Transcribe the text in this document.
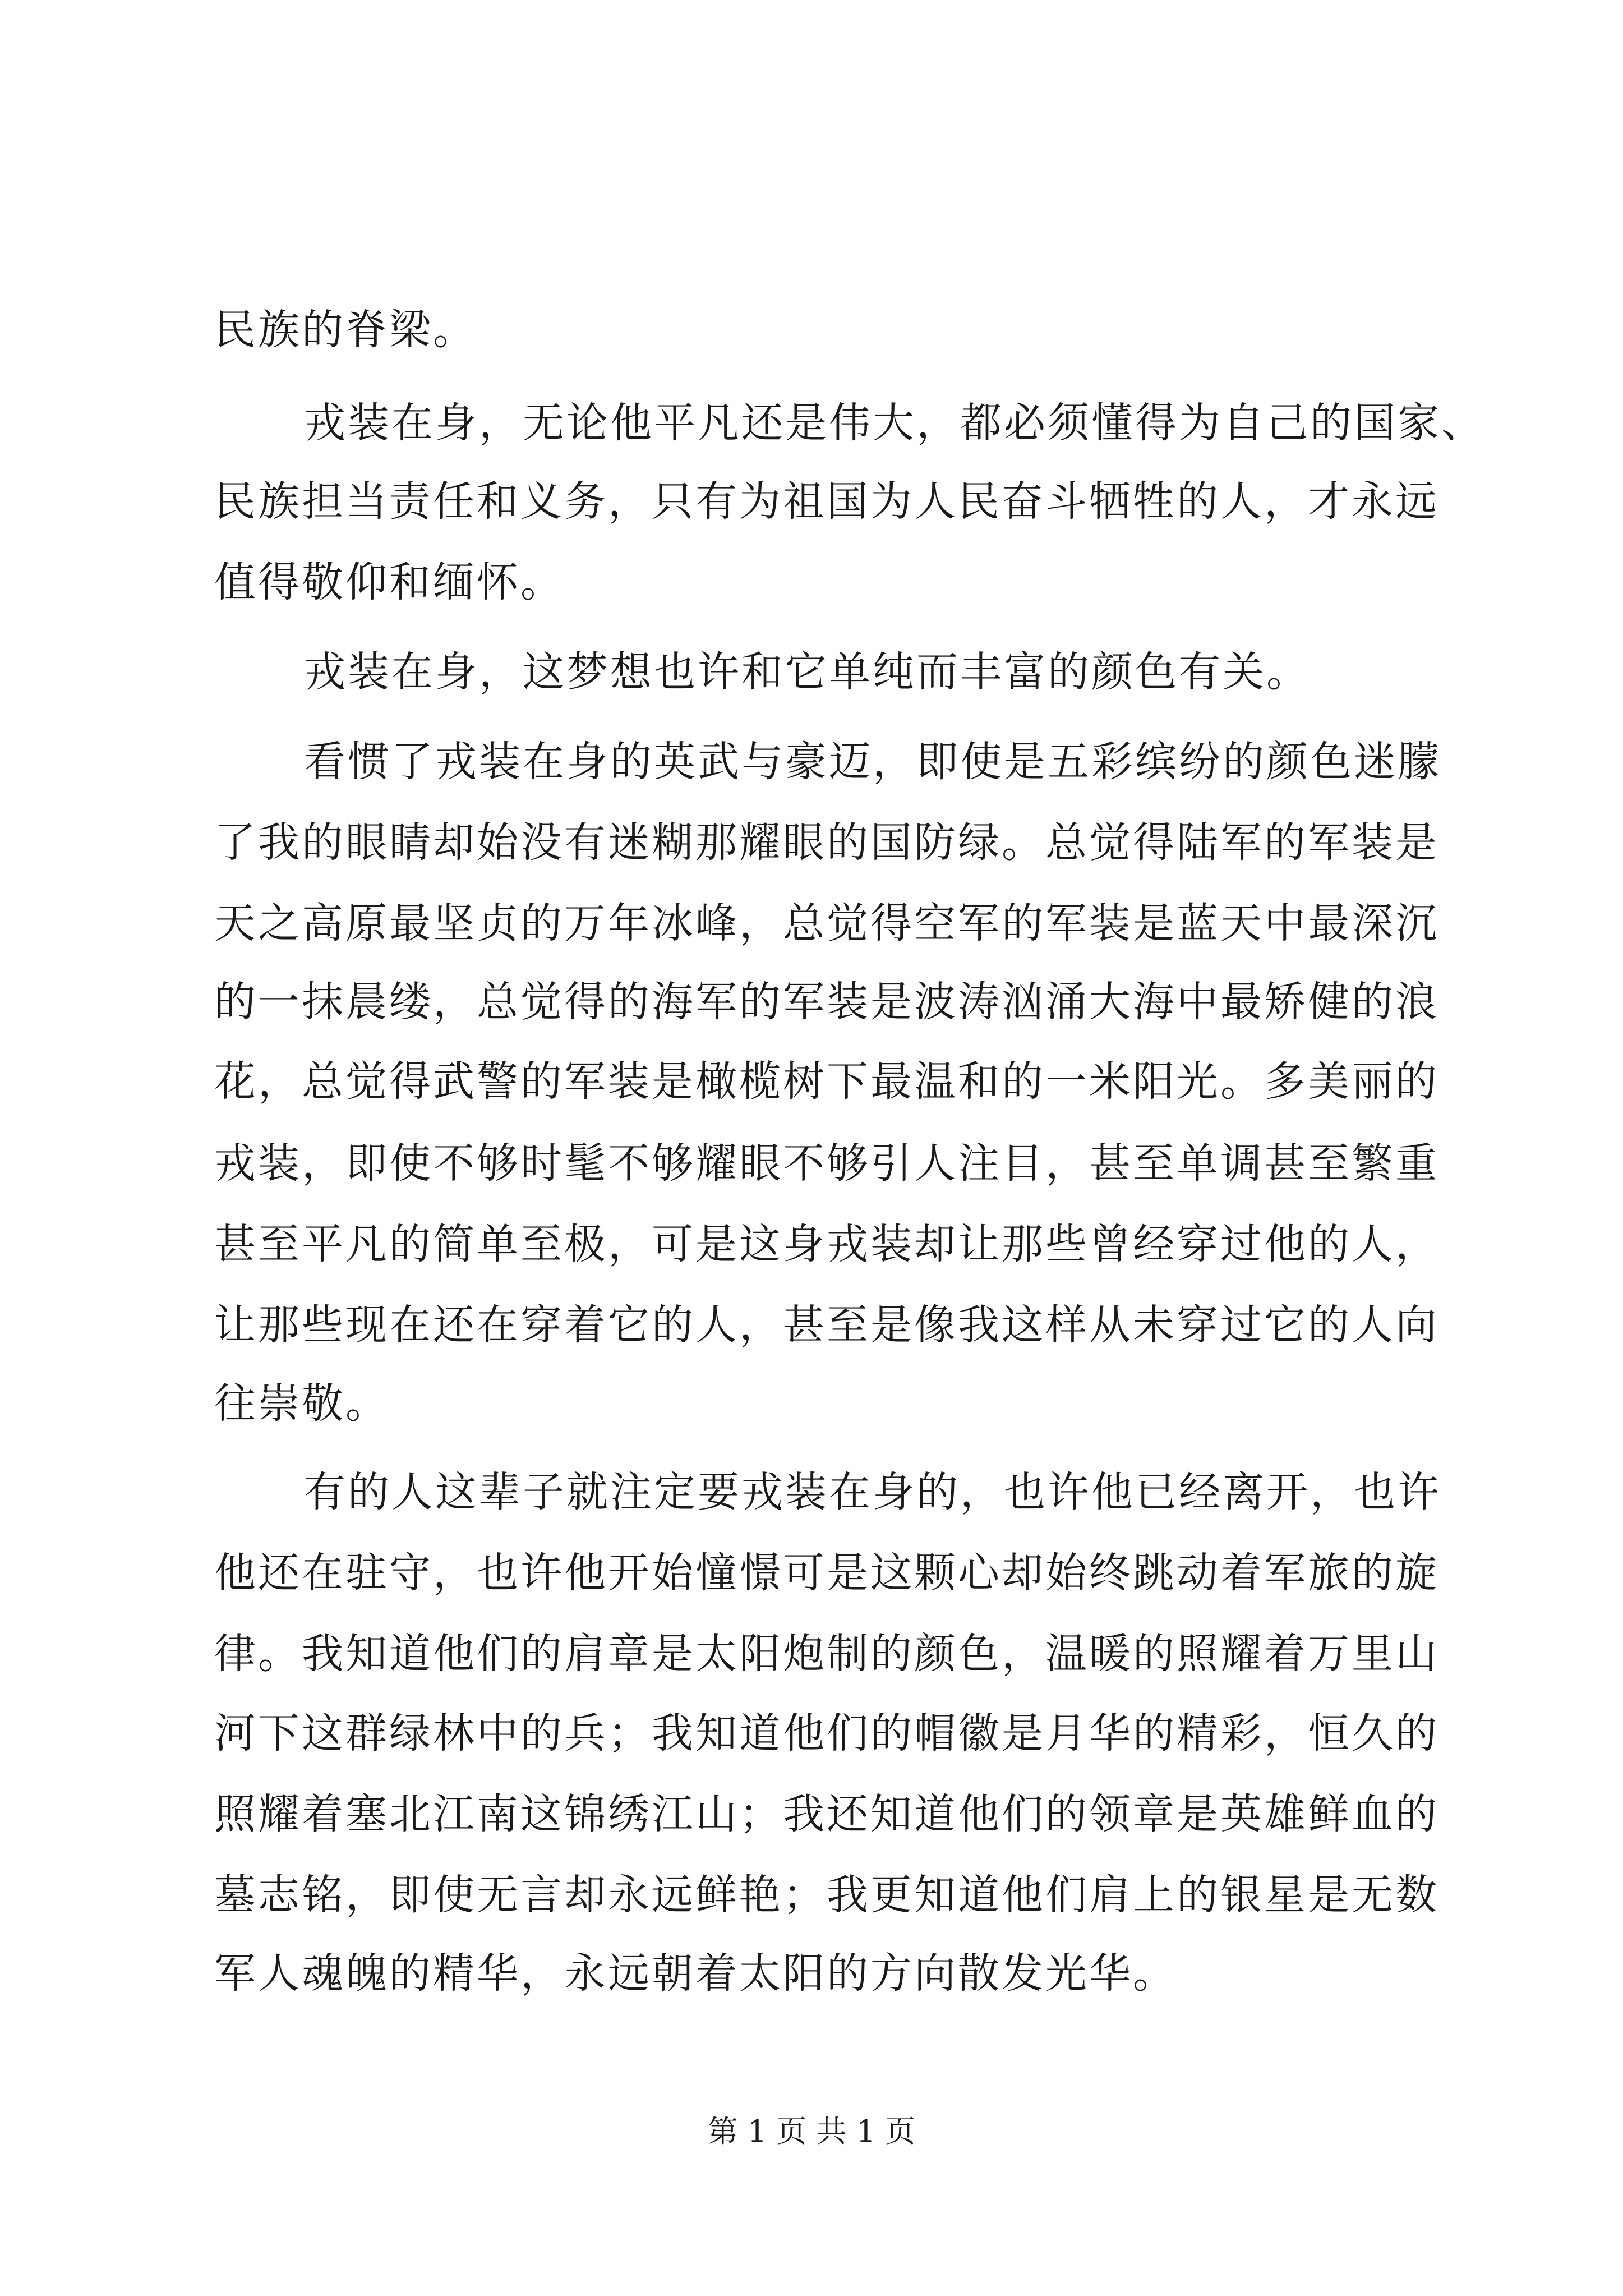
民族的脊梁。
戎装在身，无论他平凡还是伟大，都必须懂得为自己的国家、
民族担当责任和义务，只有为祖国为人民奋斗牺牲的人，才永远
值得敬仰和缅怀。
戎装在身，这梦想也许和它单纯而丰富的颜色有关。
看惯了戎装在身的英武与豪迈，即使是五彩缤纷的颜色迷朦
了我的眼睛却始没有迷糊那耀眼的国防绿。总觉得陆军的军装是
天之高原最坚贞的万年冰峰，总觉得空军的军装是蓝天中最深沉
的一抹晨缕，总觉得的海军的军装是波涛汹涌大海中最矫健的浪
花，总觉得武警的军装是橄榄树下最温和的一米阳光。多美丽的
戎装，即使不够时髦不够耀眼不够引人注目，甚至单调甚至繁重
甚至平凡的简单至极，可是这身戎装却让那些曾经穿过他的人，
让那些现在还在穿着它的人，甚至是像我这样从未穿过它的人向
往崇敬。
有的人这辈子就注定要戎装在身的，也许他已经离开，也许
他还在驻守，也许他开始憧憬可是这颗心却始终跳动着军旅的旋
律。我知道他们的肩章是太阳炮制的颜色，温暖的照耀着万里山
河下这群绿林中的兵；我知道他们的帽徽是月华的精彩，恒久的
照耀着塞北江南这锦绣江山；我还知道他们的领章是英雄鲜血的
墓志铭，即使无言却永远鲜艳；我更知道他们肩上的银星是无数
军人魂魄的精华，永远朝着太阳的方向散发光华。
第 1 页 共 1 页
